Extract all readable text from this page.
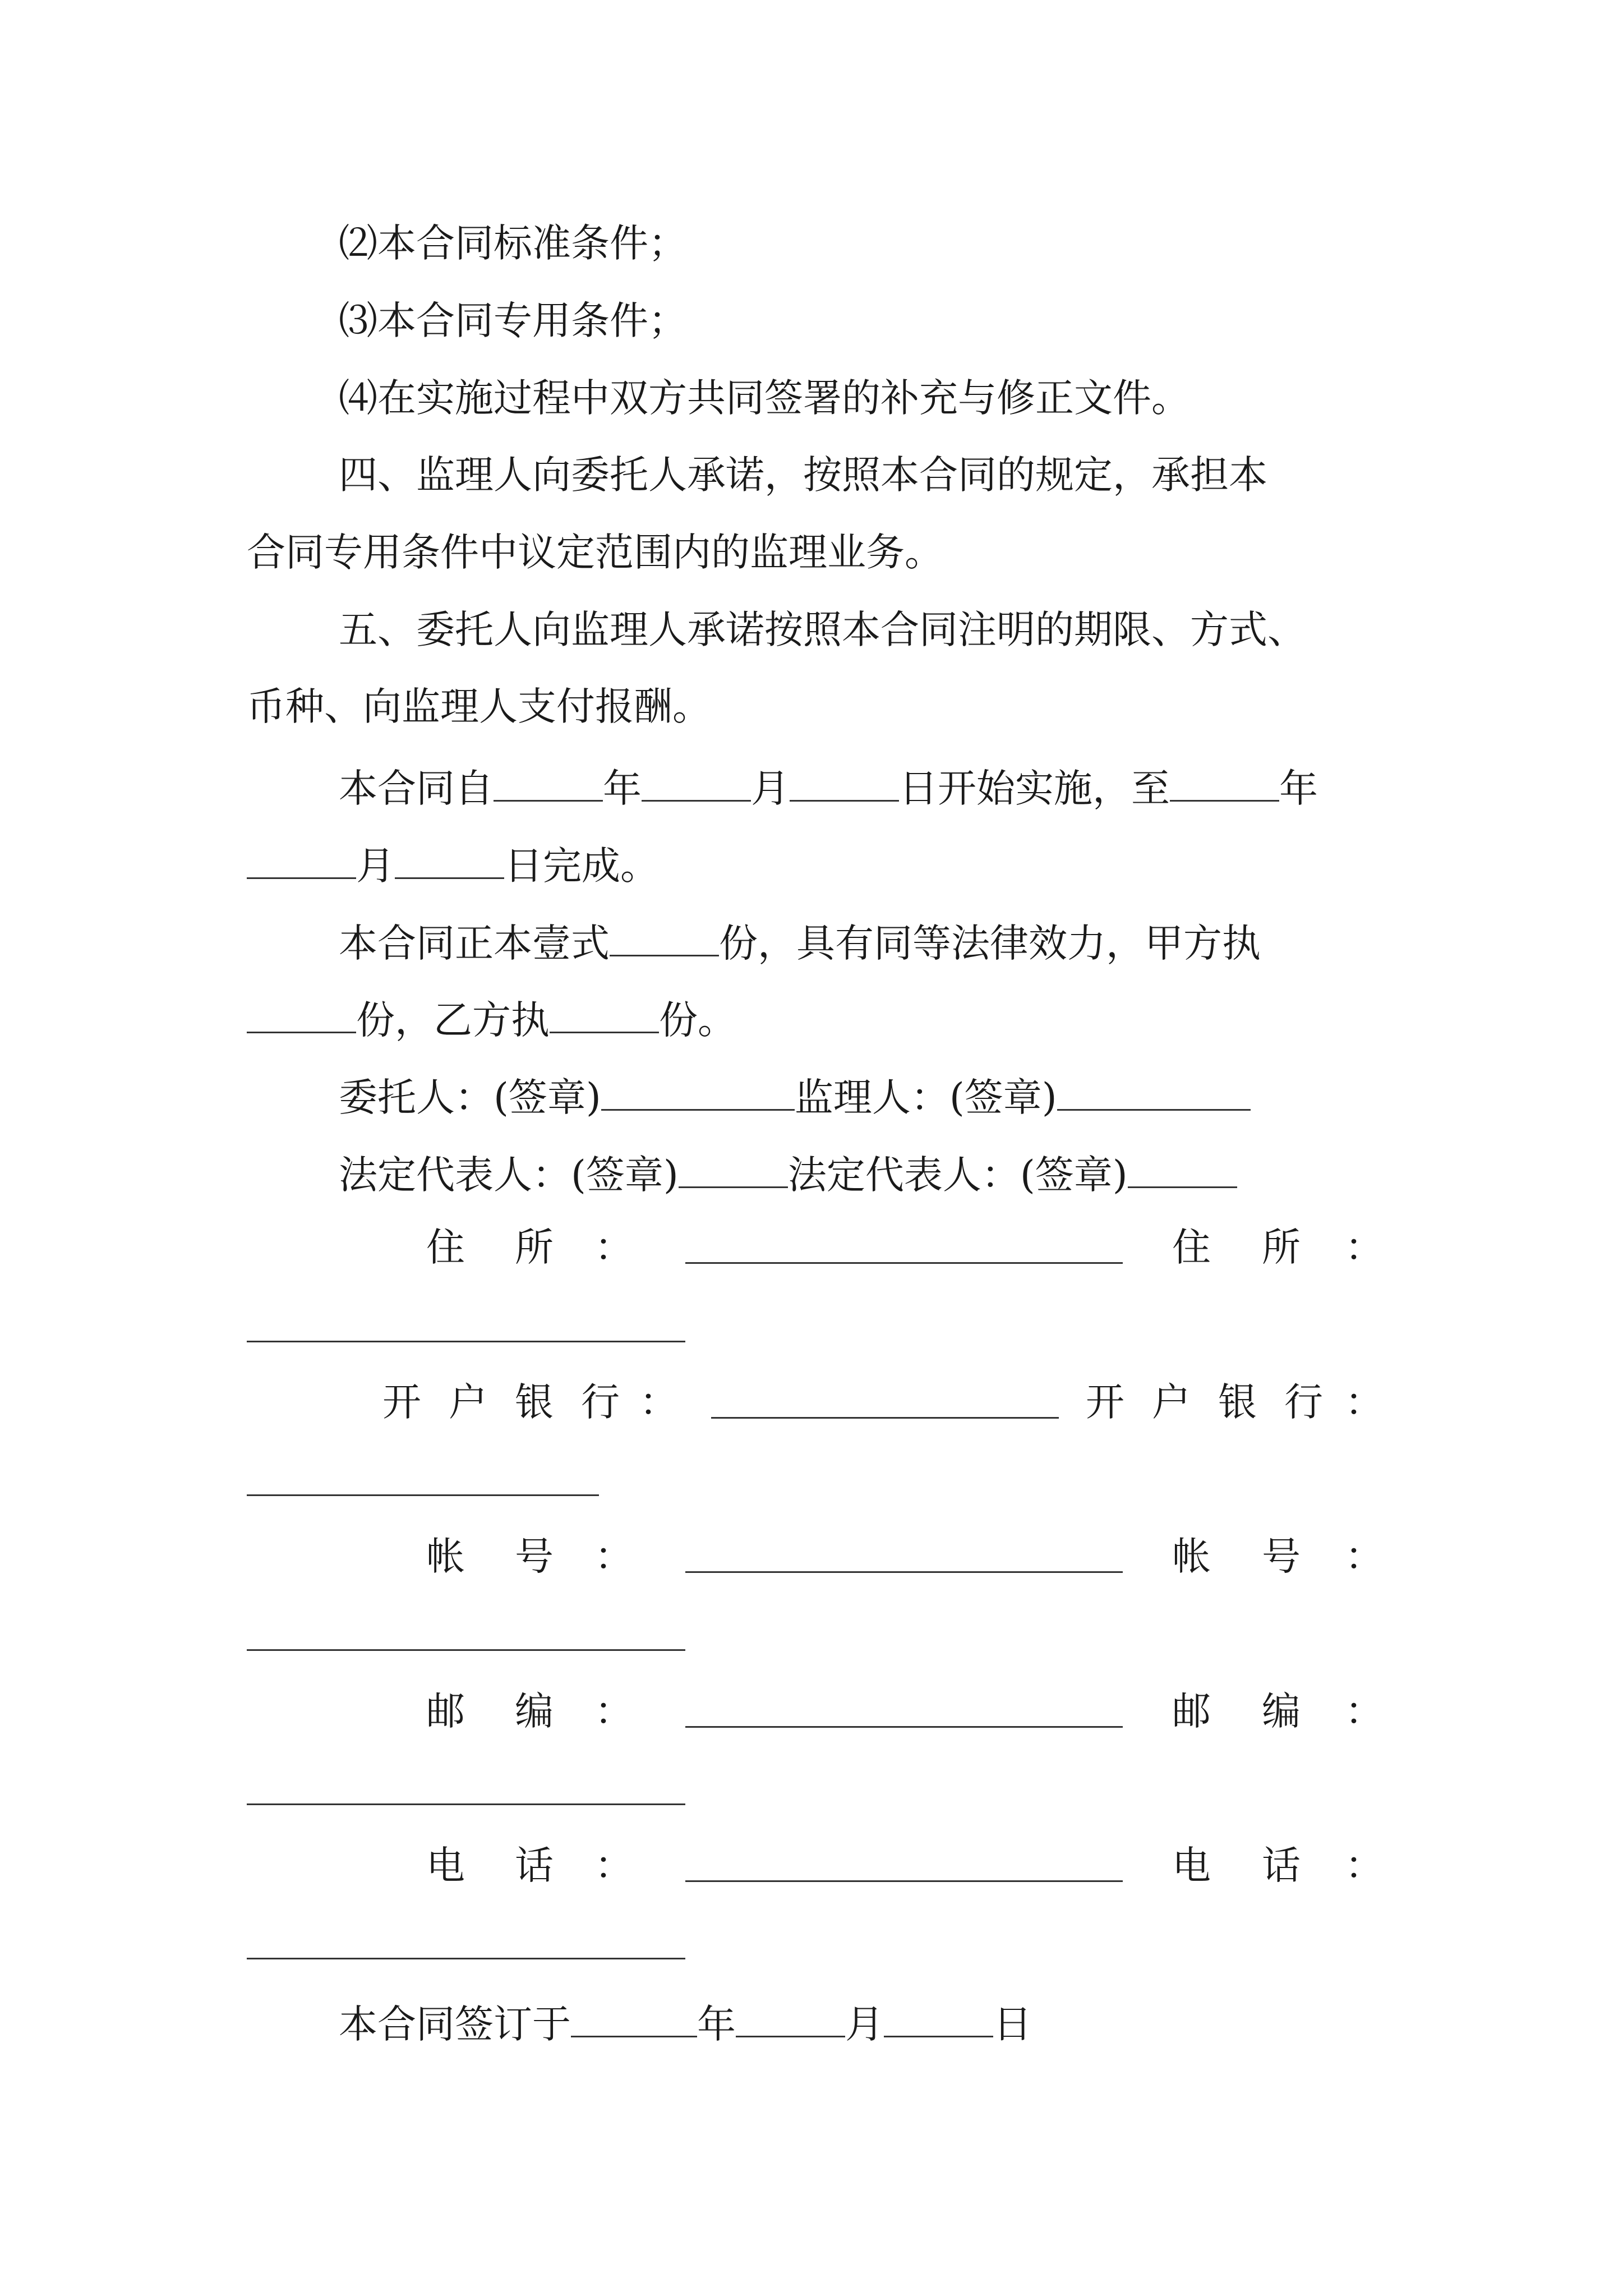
⑵本合同标准条件；
⑶本合同专用条件；
⑷在实施过程中双方共同签署的补充与修正文件。
四、监理人向委托人承诺，按照本合同的规定，承担本
合同专用条件中议定范围内的监理业务。
五、委托人向监理人承诺按照本合同注明的期限、方式、
币种、向监理人支付报酬。
本合同自	年	月	日开始实施，至	年
月	日完成。
本合同正本壹式	份，具有同等法律效力，甲方执
份，乙方执	份。
委托人：(签章)	监理人：(签章)
法定代表人：(签章)	法定代表人：(签章)
住 所 ：	住 所 ：
开 户 银 行 ：	开 户 银 行 ：
帐 号 ：	帐 号 ：
邮 编 ：	邮 编 ：
电 话 ：	电 话 ：
本合同签订于	年	月	日
